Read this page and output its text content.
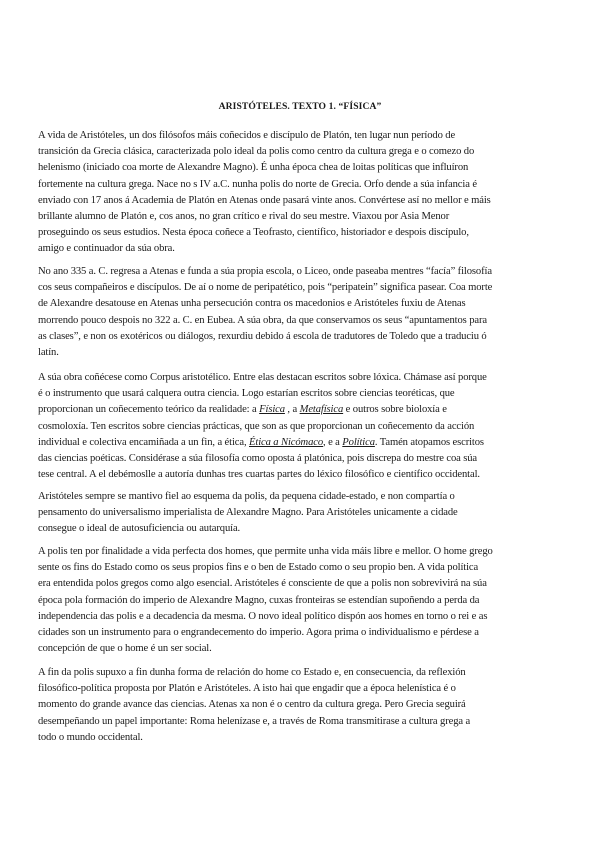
ARISTÓTELES. TEXTO 1. “FÍSICA”
A vida de Aristóteles, un dos filósofos máis coñecidos e discípulo de Platón, ten lugar nun período de
transición da Grecia clásica, caracterizada polo ideal da polis como centro da cultura grega e o comezo do
helenismo (iniciado coa morte de Alexandre Magno). É unha época chea de loitas políticas que influíron
fortemente na cultura grega. Nace no s IV a.C. nunha polis do norte de Grecia. Orfo dende a súa infancia é
enviado con 17 anos á Academia de Platón en Atenas onde pasará vinte anos. Convértese así no mellor e máis
brillante alumno de Platón e, cos anos, no gran crítico e rival do seu mestre. Viaxou por Asia Menor
proseguindo os seus estudios. Nesta época coñece a Teofrasto, científico, historiador e despois discípulo,
amigo e continuador da súa obra.
No ano 335 a. C. regresa a Atenas e funda a súa propia escola, o Liceo, onde paseaba mentres “facía” filosofía
cos seus compañeiros e discípulos. De aí o nome de peripatético, pois “peripatein” significa pasear. Coa morte
de Alexandre desatouse en Atenas unha persecución contra os macedonios e Aristóteles fuxiu de Atenas
morrendo pouco despois no 322 a. C. en Eubea. A súa obra, da que conservamos os seus “apuntamentos para
as clases”, e non os exotéricos ou diálogos, rexurdiu debido á escola de tradutores de Toledo que a traduciu ó
latín.
A súa obra coñécese como Corpus aristotélico. Entre elas destacan escritos sobre lóxica. Chámase así porque
é o instrumento que usará calquera outra ciencia. Logo estarían escritos sobre ciencias teoréticas, que
proporcionan un coñecemento teórico da realidade: a Física , a Metafísica e outros sobre bioloxía e
cosmoloxía. Ten escritos sobre ciencias prácticas, que son as que proporcionan un coñecemento da acción
individual e colectiva encamiñada a un fin, a ética, Ética a Nicómaco, e a Política. Tamén atopamos escritos
das ciencias poéticas. Considérase a súa filosofía como oposta á platónica, pois discrepa do mestre coa súa
tese central. A el debémoslle a autoría dunhas tres cuartas partes do léxico filosófico e científico occidental.
Aristóteles sempre se mantivo fiel ao esquema da polis, da pequena cidade-estado, e non compartía o
pensamento do universalismo imperialista de Alexandre Magno. Para Aristóteles unicamente a cidade
consegue o ideal de autosuficiencia ou autarquía.
A polis ten por finalidade a vida perfecta dos homes, que permite unha vida máis libre e mellor. O home grego
sente os fins do Estado como os seus propios fins e o ben de Estado como o seu propio ben. A vida política
era entendida polos gregos como algo esencial. Aristóteles é consciente de que a polis non sobrevivirá na súa
época pola formación do imperio de Alexandre Magno, cuxas fronteiras se estendían supoñendo a perda da
independencia das polis e a decadencia da mesma. O novo ideal político dispón aos homes en torno o rei e as
cidades son un instrumento para o engrandecemento do imperio. Agora prima o individualismo e pérdese a
concepción de que o home é un ser social.
A fin da polis supuxo a fin dunha forma de relación do home co Estado e, en consecuencia, da reflexión
filosófico-política proposta por Platón e Aristóteles. A isto hai que engadir que a época helenística é o
momento do grande avance das ciencias. Atenas xa non é o centro da cultura grega. Pero Grecia seguirá
desempeñando un papel importante: Roma helenízase e, a través de Roma transmitirase a cultura grega a
todo o mundo occidental.
